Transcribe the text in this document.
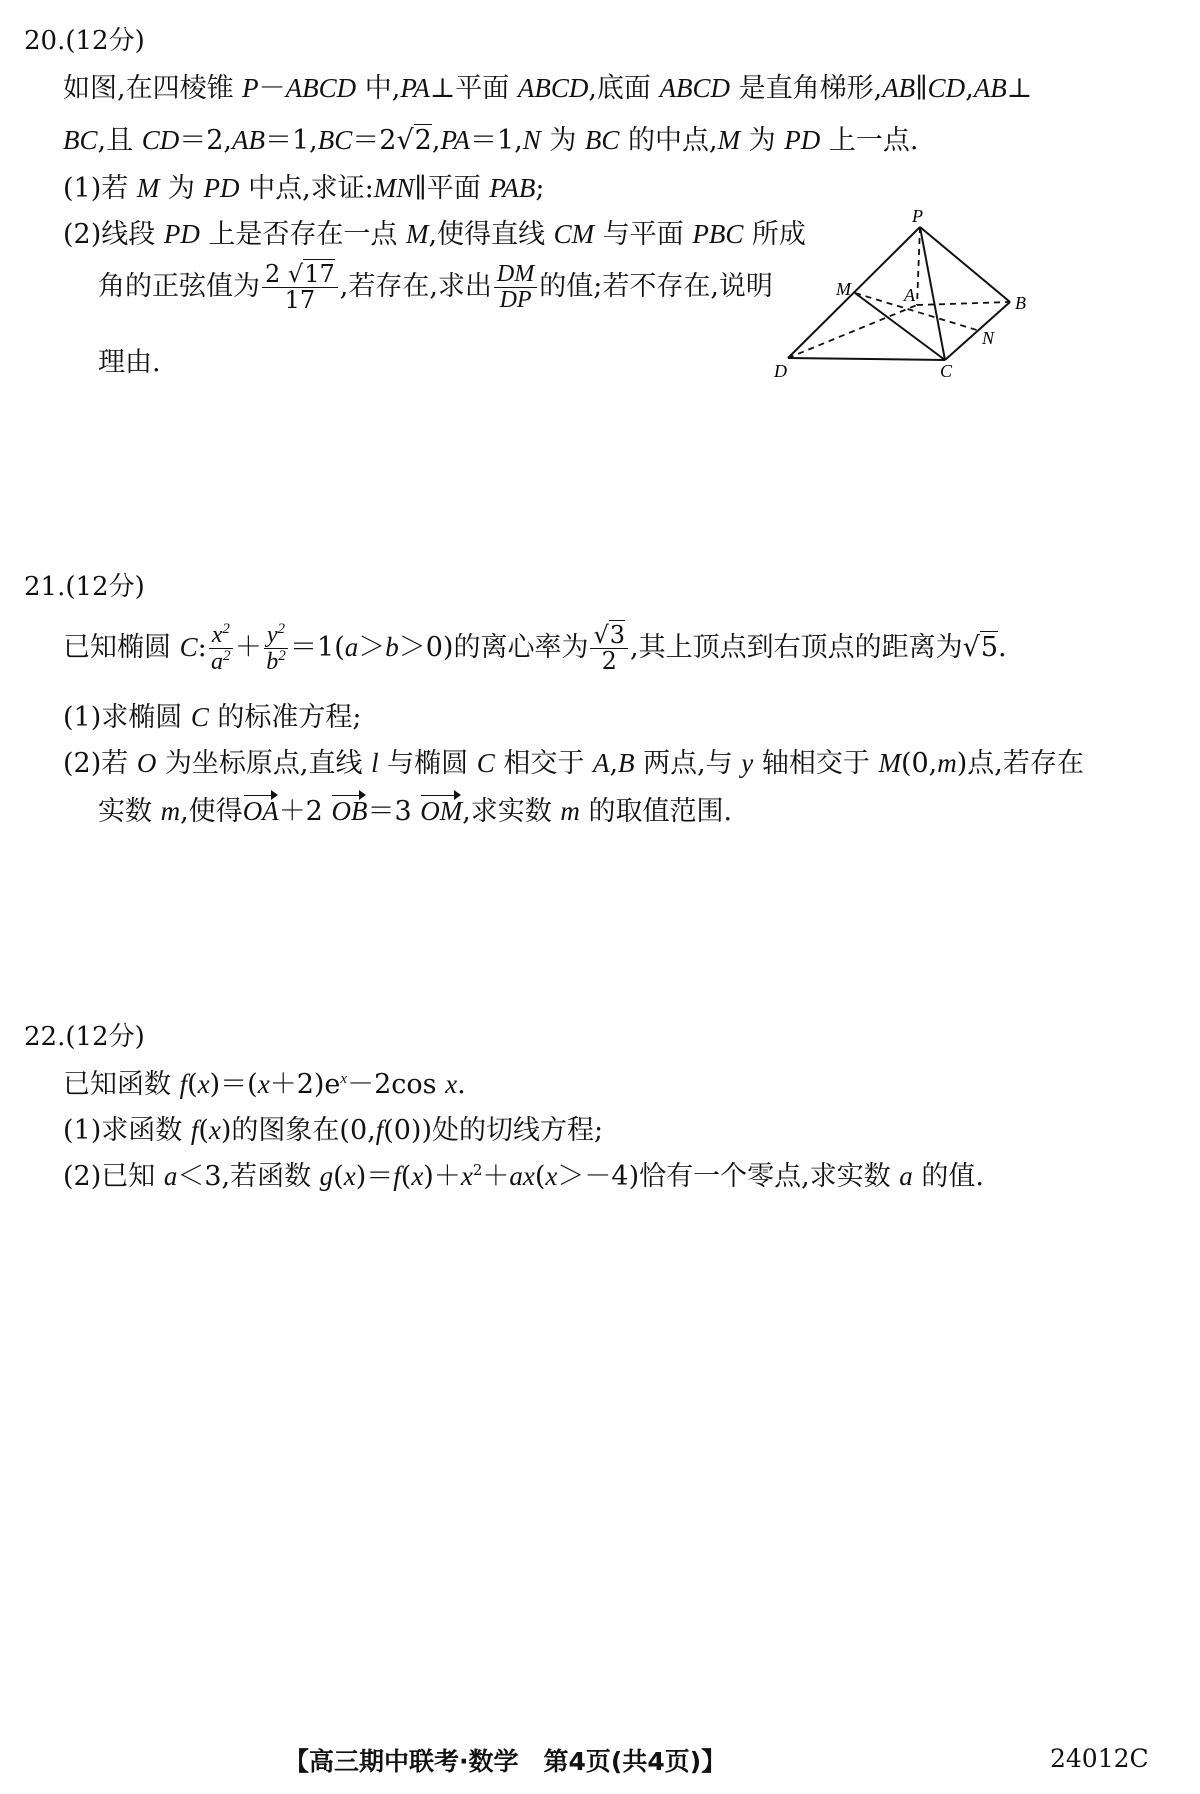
20.(12分)
如图,在四棱锥 P－ABCD 中,PA⊥平面 ABCD,底面 ABCD 是直角梯形,AB∥CD,AB⊥
BC,且 CD＝2,AB＝1,BC＝2√2,PA＝1,N 为 BC 的中点,M 为 PD 上一点.
(1)若 M 为 PD 中点,求证:MN∥平面 PAB;
(2)线段 PD 上是否存在一点 M,使得直线 CM 与平面 PBC 所成
角的正弦值为 $\frac{2 √17}{17}$ ,若存在,求出 $\frac{DM}{DP}$ 的值;若不存在,说明
理由.
P
M	A	B
N
D	C
21.(12分)
已知椭圆 C: $\frac{x^2}{a^2} + \frac{y^2}{b^2} =1(a>b>0)$的离心率为 $\frac{√3}{2}$ ,其上顶点到右顶点的距离为√5.
(1)求椭圆 C 的标准方程;
(2)若 O 为坐标原点,直线 l 与椭圆 C 相交于 A,B 两点,与 y 轴相交于 M(0,m)点,若存在
实数 m,使得OA＋2 OB＝3 OM,求实数 m 的取值范围.
22.(12分)
已知函数 $f(x)=(x+2)e^x-2\cos$ x.
(1)求函数 f(x)的图象在(0,f(0))处的切线方程;
(2)已知 a＜3,若函数 $g(x)=f(x)+x^2+ax(x>-4)$恰有一个零点,求实数 a 的值.
【高三期中联考·数学　第4页(共4页)】	24012C
